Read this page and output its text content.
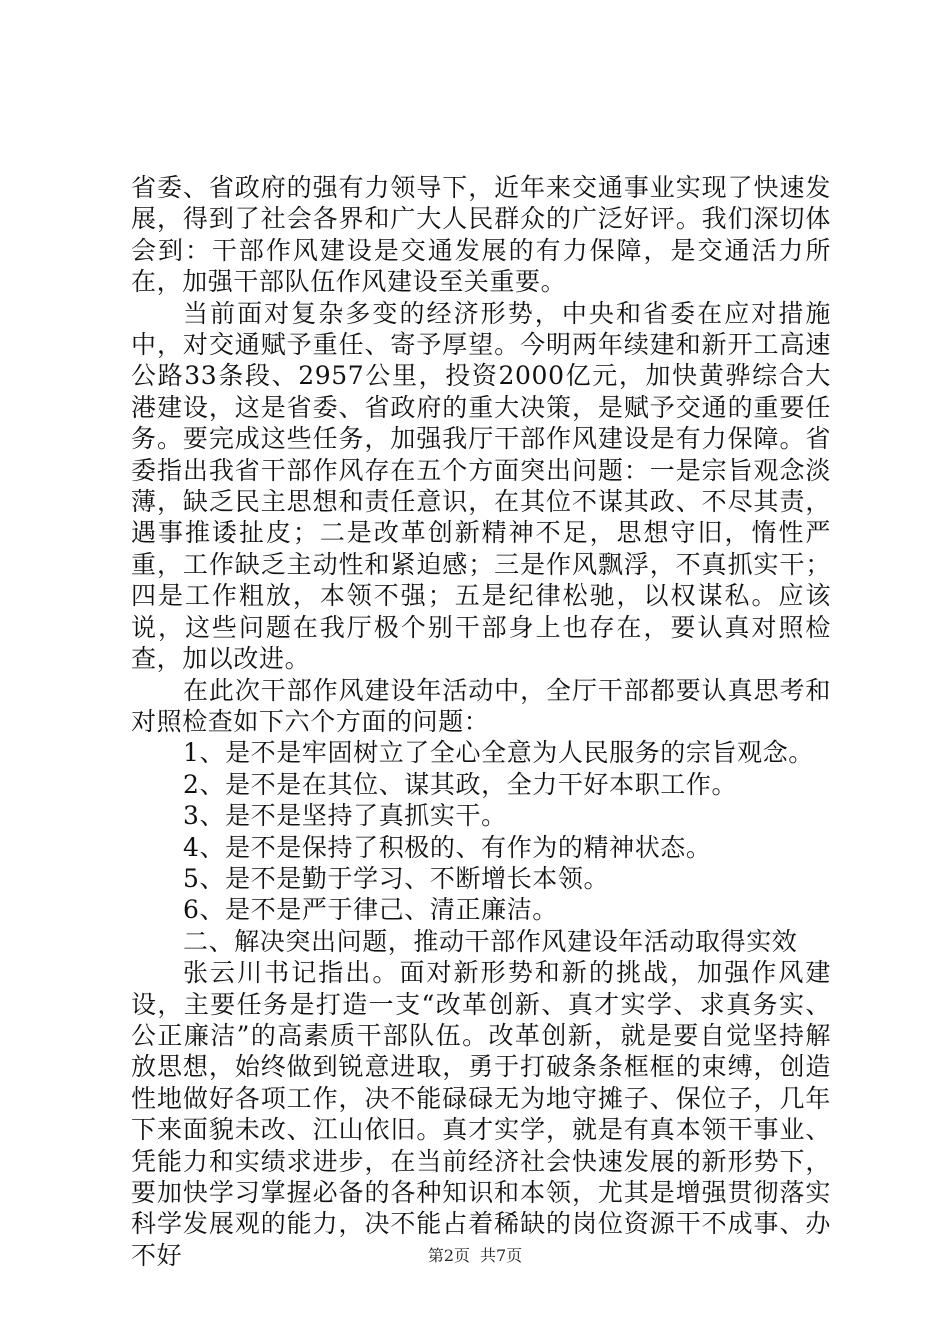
省委、省政府的强有力领导下，近年来交通事业实现了快速发展，得到了社会各界和广大人民群众的广泛好评。我们深切体会到：干部作风建设是交通发展的有力保障，是交通活力所在，加强干部队伍作风建设至关重要。

当前面对复杂多变的经济形势，中央和省委在应对措施中，对交通赋予重任、寄予厚望。今明两年续建和新开工高速公路33条段、2957公里，投资2000亿元，加快黄骅综合大港建设，这是省委、省政府的重大决策，是赋予交通的重要任务。要完成这些任务，加强我厅干部作风建设是有力保障。省委指出我省干部作风存在五个方面突出问题：一是宗旨观念淡薄，缺乏民主思想和责任意识，在其位不谋其政、不尽其责，遇事推诿扯皮；二是改革创新精神不足，思想守旧，惰性严重，工作缺乏主动性和紧迫感；三是作风飘浮，不真抓实干；四是工作粗放，本领不强；五是纪律松驰，以权谋私。应该说，这些问题在我厅极个别干部身上也存在，要认真对照检查，加以改进。

在此次干部作风建设年活动中，全厅干部都要认真思考和对照检查如下六个方面的问题：

1、是不是牢固树立了全心全意为人民服务的宗旨观念。

2、是不是在其位、谋其政，全力干好本职工作。

3、是不是坚持了真抓实干。

4、是不是保持了积极的、有作为的精神状态。

5、是不是勤于学习、不断增长本领。

6、是不是严于律己、清正廉洁。

二、解决突出问题，推动干部作风建设年活动取得实效

张云川书记指出。面对新形势和新的挑战，加强作风建设，主要任务是打造一支“改革创新、真才实学、求真务实、公正廉洁”的高素质干部队伍。改革创新，就是要自觉坚持解放思想，始终做到锐意进取，勇于打破条条框框的束缚，创造性地做好各项工作，决不能碌碌无为地守摊子、保位子，几年下来面貌未改、江山依旧。真才实学，就是有真本领干事业、凭能力和实绩求进步，在当前经济社会快速发展的新形势下，要加快学习掌握必备的各种知识和本领，尤其是增强贯彻落实科学发展观的能力，决不能占着稀缺的岗位资源干不成事、办不好	第2页 共7页
